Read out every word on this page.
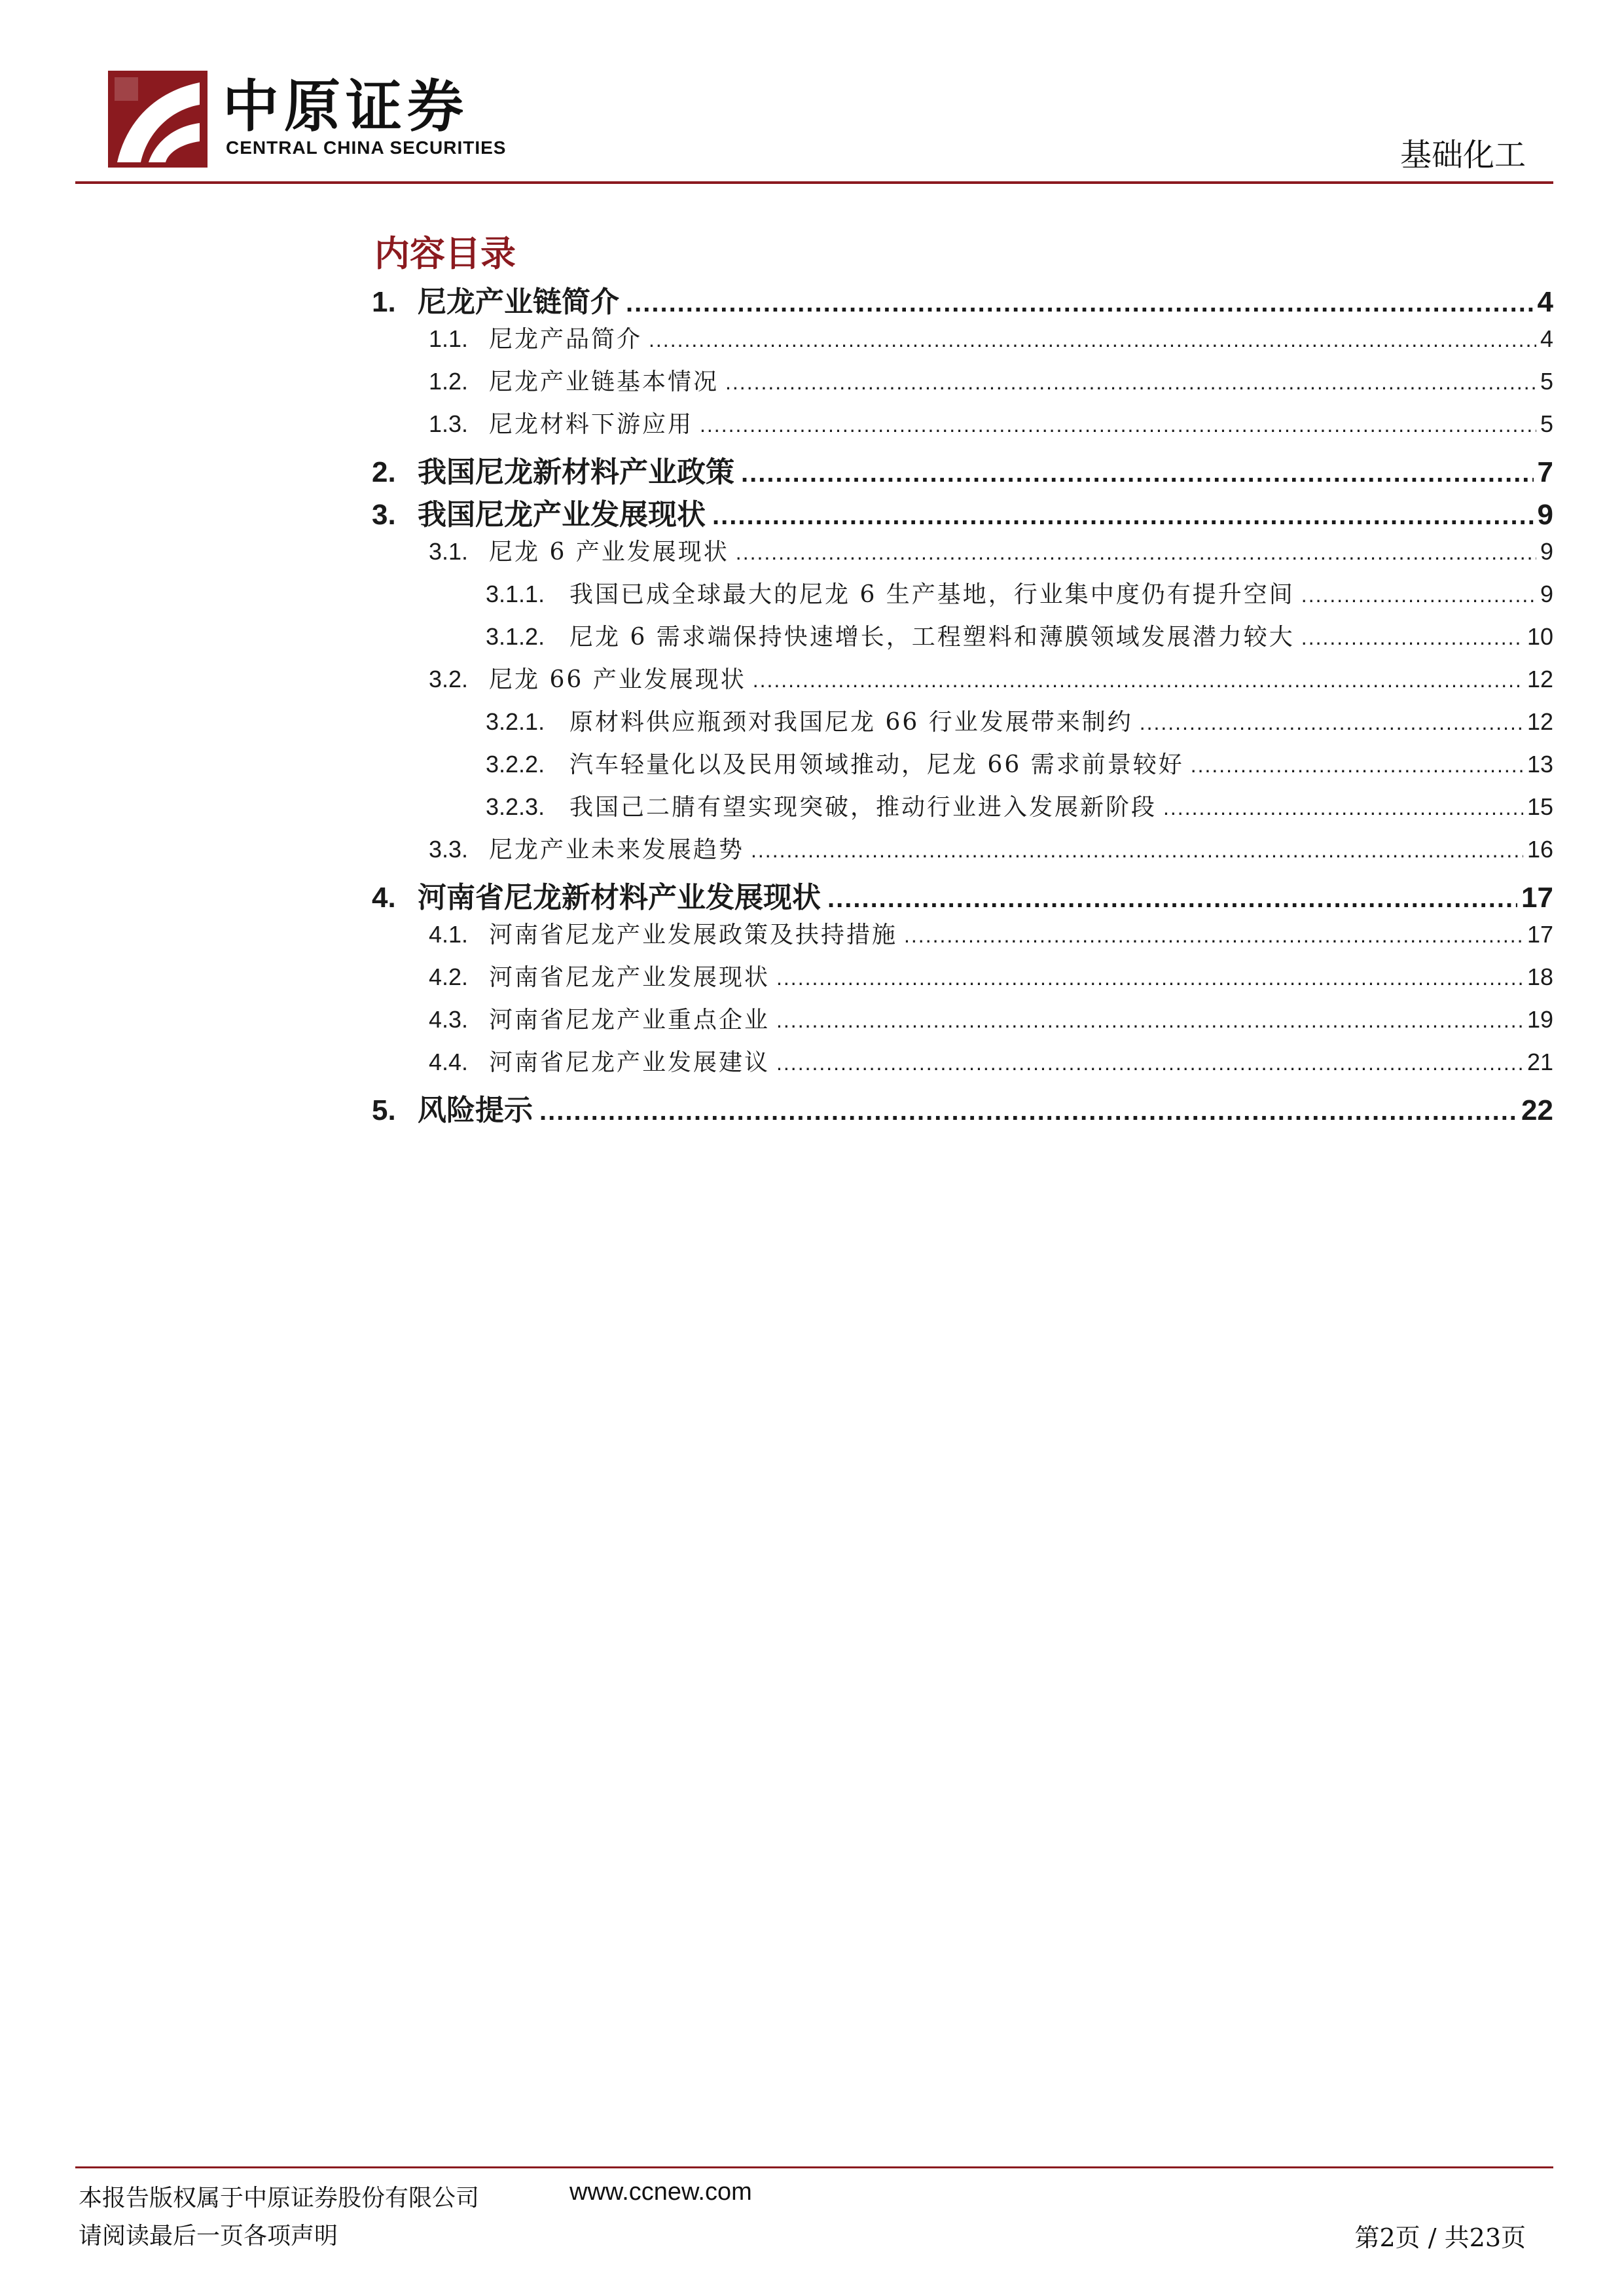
中原证券
CENTRAL CHINA SECURITIES	基础化工
内容目录
1. 尼龙产业链简介 .....	4
1.1. 尼龙产品简介 .....	4
1.2. 尼龙产业链基本情况 .....	5
1.3. 尼龙材料下游应用 .....	5
2. 我国尼龙新材料产业政策 .....	7
3. 我国尼龙产业发展现状 .....	9
3.1. 尼龙 6 产业发展现状 .....	9
3.1.1.	我国已成全球最大的尼龙 6 生产基地，行业集中度仍有提升空间 .....	9
3.1.2.	尼龙 6 需求端保持快速增长，工程塑料和薄膜领域发展潜力较大 .....	10
3.2. 尼龙 66 产业发展现状 .....	12
3.2.1.	原材料供应瓶颈对我国尼龙 66 行业发展带来制约 .....	12
3.2.2.	汽车轻量化以及民用领域推动，尼龙 66 需求前景较好 .....	13
3.2.3.	我国己二腈有望实现突破，推动行业进入发展新阶段 .....	15
3.3. 尼龙产业未来发展趋势 .....	16
4. 河南省尼龙新材料产业发展现状 .....	17
4.1. 河南省尼龙产业发展政策及扶持措施 .....	17
4.2. 河南省尼龙产业发展现状 .....	18
4.3. 河南省尼龙产业重点企业 .....	19
4.4. 河南省尼龙产业发展建议 .....	21
5. 风险提示 .....	22
本报告版权属于中原证券股份有限公司	www.ccnew.com
请阅读最后一页各项声明	第2页 / 共23页
